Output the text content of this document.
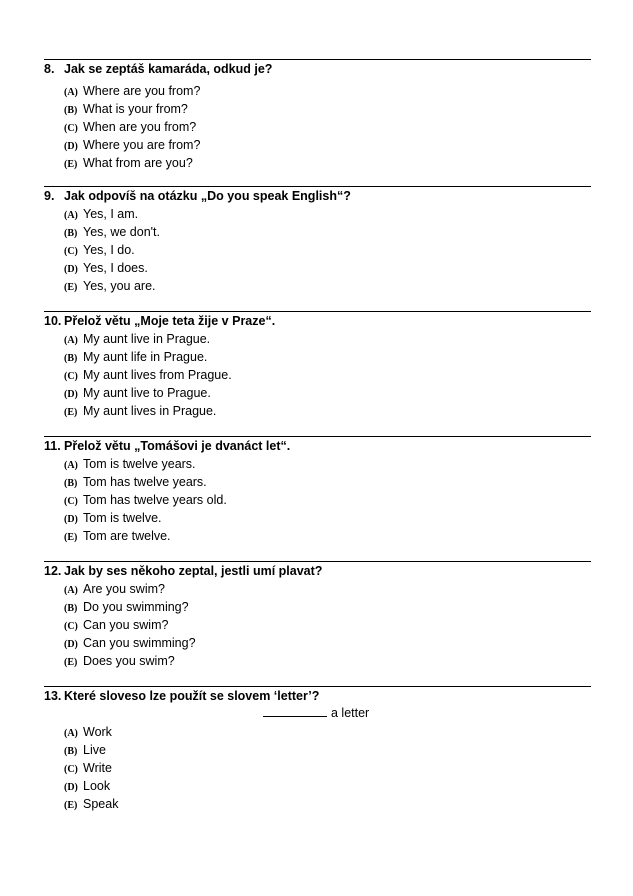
8. Jak se zeptáš kamaráda, odkud je?
(A) Where are you from?
(B) What is your from?
(C) When are you from?
(D) Where you are from?
(E) What from are you?
9. Jak odpovíš na otázku „Do you speak English“?
(A) Yes, I am.
(B) Yes, we don't.
(C) Yes, I do.
(D) Yes, I does.
(E) Yes, you are.
10. Přelož větu „Moje teta žije v Praze“.
(A) My aunt live in Prague.
(B) My aunt life in Prague.
(C) My aunt lives from Prague.
(D) My aunt live to Prague.
(E) My aunt lives in Prague.
11. Přelož větu „Tomášovi je dvanáct let“.
(A) Tom is twelve years.
(B) Tom has twelve years.
(C) Tom has twelve years old.
(D) Tom is twelve.
(E) Tom are twelve.
12. Jak by ses někoho zeptal, jestli umí plavat?
(A) Are you swim?
(B) Do you swimming?
(C) Can you swim?
(D) Can you swimming?
(E) Does you swim?
13. Které sloveso lze použít se slovem ‘letter’?
a letter
(A) Work
(B) Live
(C) Write
(D) Look
(E) Speak
